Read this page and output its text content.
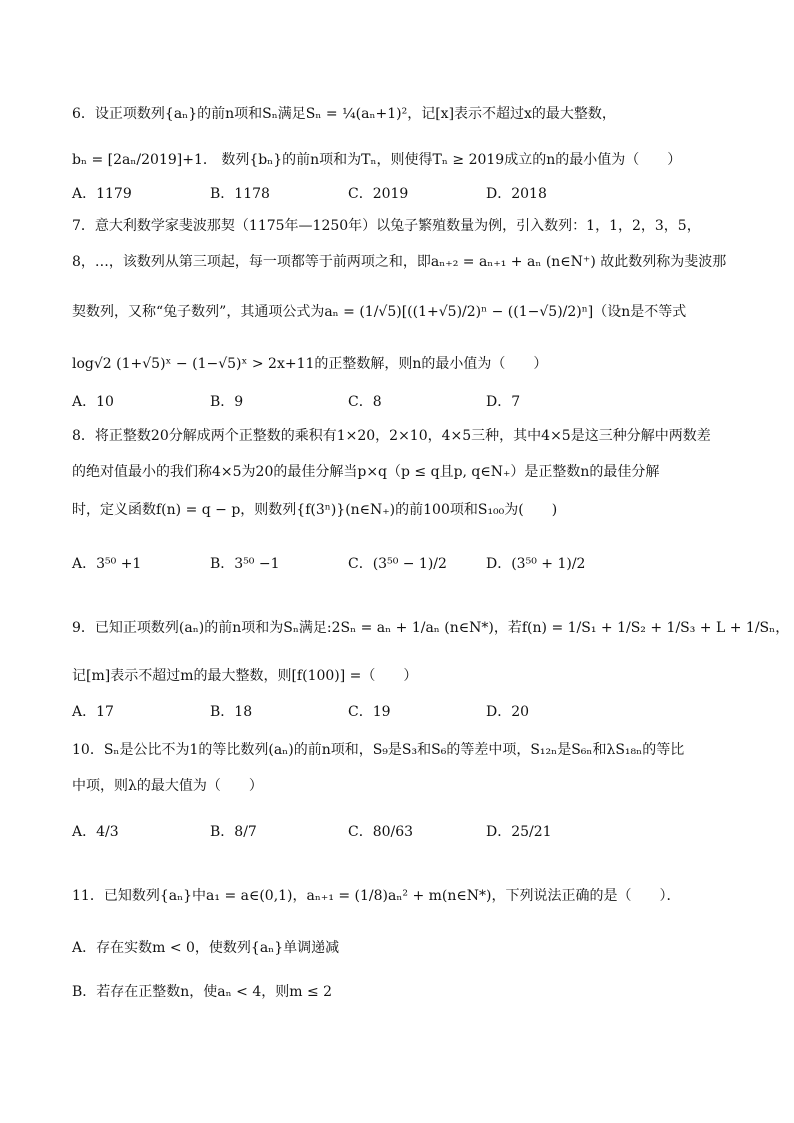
6．设正项数列{aₙ}的前n项和Sₙ满足Sₙ = ¼(aₙ+1)²，记[x]表示不超过x的最大整数，
bₙ = [2aₙ/2019]+1． 数列{bₙ}的前n项和为Tₙ，则使得Tₙ ≥ 2019成立的n的最小值为（　　）
A．1179	B．1178	C．2019	D．2018
7．意大利数学家斐波那契（1175年—1250年）以兔子繁殖数量为例，引入数列：1，1，2，3，5，
8，…，该数列从第三项起，每一项都等于前两项之和，即aₙ₊₂ = aₙ₊₁ + aₙ (n∈N⁺) 故此数列称为斐波那
契数列，又称“兔子数列”，其通项公式为aₙ = (1/√5)[((1+√5)/2)ⁿ − ((1−√5)/2)ⁿ]（设n是不等式
log√2 (1+√5)ˣ − (1−√5)ˣ > 2x+11的正整数解，则n的最小值为（　　）
A．10	B．9	C．8	D．7
8．将正整数20分解成两个正整数的乘积有1×20，2×10，4×5三种，其中4×5是这三种分解中两数差
的绝对值最小的我们称4×5为20的最佳分解当p×q（p ≤ q且p, q∈N₊）是正整数n的最佳分解
时，定义函数f(n) = q − p，则数列{f(3ⁿ)}(n∈N₊)的前100项和S₁₀₀为(　　)
A．3⁵⁰ +1	B．3⁵⁰ −1	C．(3⁵⁰ − 1)/2	D．(3⁵⁰ + 1)/2
9．已知正项数列(aₙ)的前n项和为Sₙ满足:2Sₙ = aₙ + 1/aₙ (n∈N*)，若f(n) = 1/S₁ + 1/S₂ + 1/S₃ + L + 1/Sₙ，
记[m]表示不超过m的最大整数，则[f(100)] =（　　）
A．17	B．18	C．19	D．20
10．Sₙ是公比不为1的等比数列(aₙ)的前n项和，S₉是S₃和S₆的等差中项，S₁₂ₙ是S₆ₙ和λS₁₈ₙ的等比
中项，则λ的最大值为（　　）
A．4/3	B．8/7	C．80/63	D．25/21
11．已知数列{aₙ}中a₁ = a∈(0,1)，aₙ₊₁ = (1/8)aₙ² + m(n∈N*)，下列说法正确的是（　　）．
A．存在实数m < 0，使数列{aₙ}单调递减
B．若存在正整数n，使aₙ < 4，则m ≤ 2
